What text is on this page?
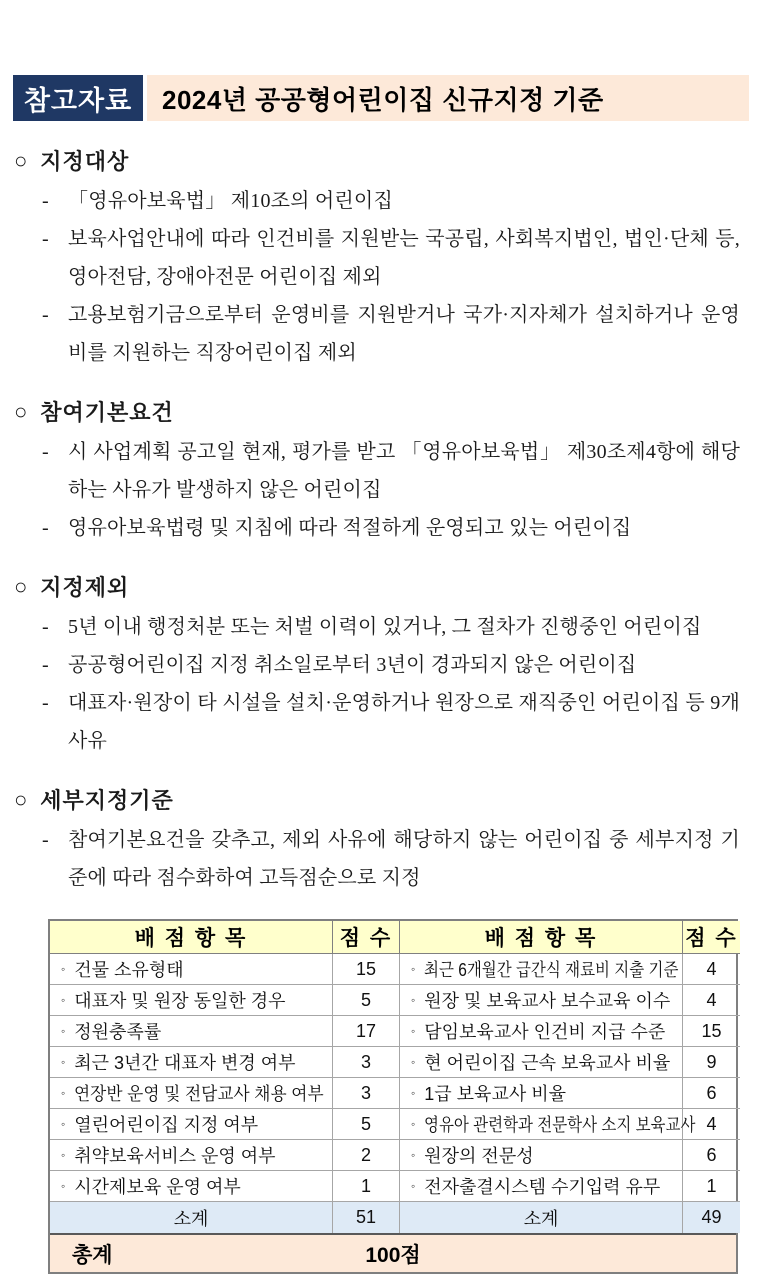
참고자료	2024년 공공형어린이집 신규지정 기준
○ 지정대상
- 「영유아보육법」 제10조의 어린이집
- 보육사업안내에 따라 인건비를 지원받는 국공립, 사회복지법인, 법인·단체 등, 영아전담, 장애아전문 어린이집 제외
- 고용보험기금으로부터 운영비를 지원받거나 국가·지자체가 설치하거나 운영비를 지원하는 직장어린이집 제외
○ 참여기본요건
- 시 사업계획 공고일 현재, 평가를 받고 「영유아보육법」 제30조제4항에 해당하는 사유가 발생하지 않은 어린이집
- 영유아보육법령 및 지침에 따라 적절하게 운영되고 있는 어린이집
○ 지정제외
- 5년 이내 행정처분 또는 처벌 이력이 있거나, 그 절차가 진행중인 어린이집
- 공공형어린이집 지정 취소일로부터 3년이 경과되지 않은 어린이집
- 대표자·원장이 타 시설을 설치·운영하거나 원장으로 재직중인 어린이집 등 9개 사유
○ 세부지정기준
- 참여기본요건을 갖추고, 제외 사유에 해당하지 않는 어린이집 중 세부지정 기준에 따라 점수화하여 고득점순으로 지정
배 점 항 목	점 수	배 점 항 목	점 수
◦ 건물 소유형태	15	◦ 최근 6개월간 급간식 재료비 지출 기준	4
◦ 대표자 및 원장 동일한 경우	5	◦ 원장 및 보육교사 보수교육 이수	4
◦ 정원충족률	17	◦ 담임보육교사 인건비 지급 수준	15
◦ 최근 3년간 대표자 변경 여부	3	◦ 현 어린이집 근속 보육교사 비율	9
◦ 연장반 운영 및 전담교사 채용 여부	3	◦ 1급 보육교사 비율	6
◦ 열린어린이집 지정 여부	5	◦ 영유아 관련학과 전문학사 소지 보육교사 4
◦ 취약보육서비스 운영 여부	2	◦ 원장의 전문성	6
◦ 시간제보육 운영 여부	1	◦ 전자출결시스템 수기입력 유무	1
소계	51	소계	49
총계	100점
